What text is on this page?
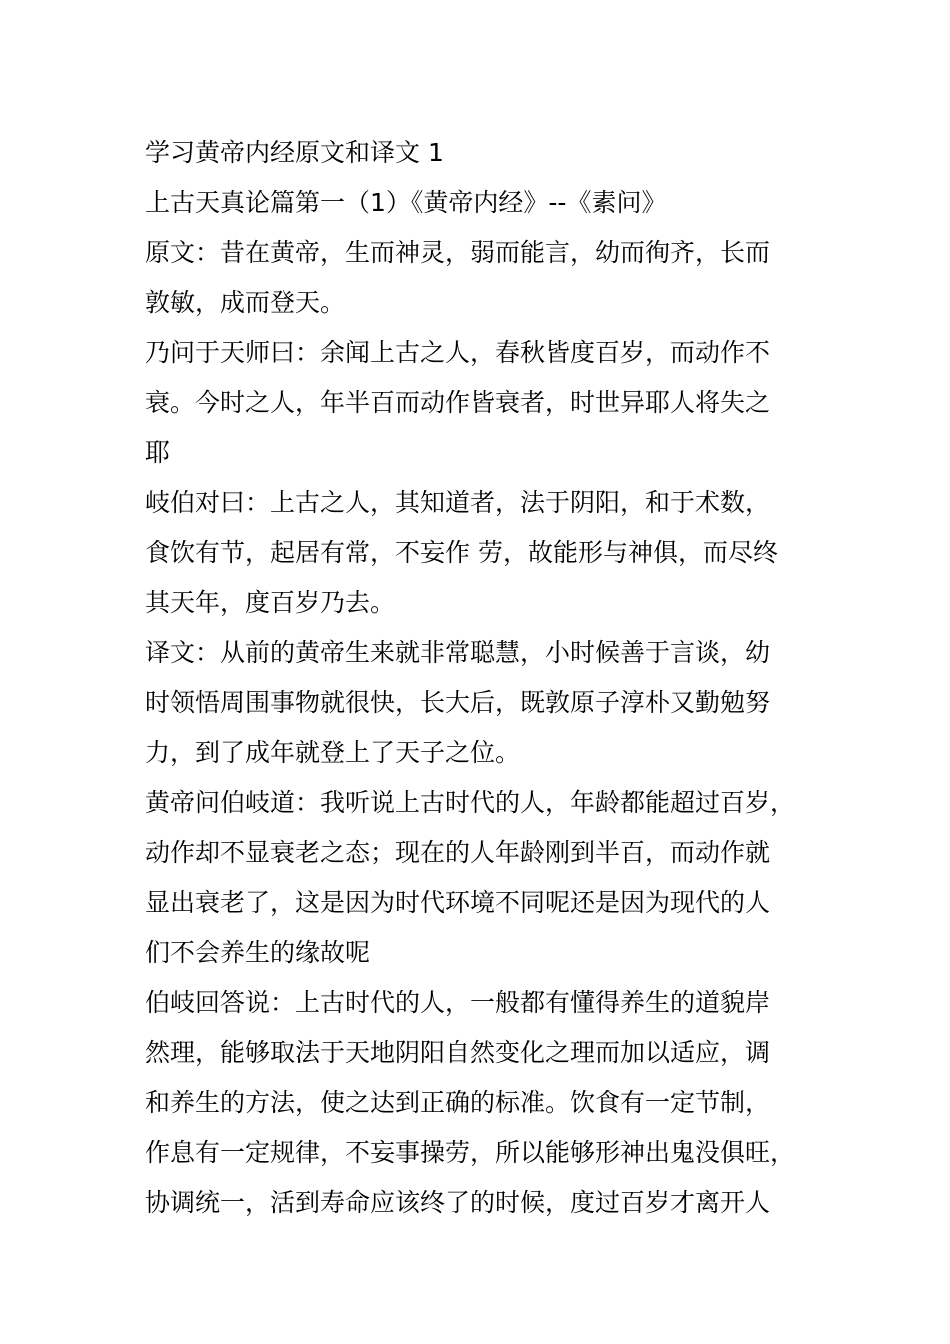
学习黄帝内经原文和译文 1
上古天真论篇第一（1）《黄帝内经》--《素问》
原文：昔在黄帝，生而神灵，弱而能言，幼而徇齐，长而
敦敏，成而登天。
乃问于天师曰：余闻上古之人，春秋皆度百岁，而动作不
衰。今时之人，年半百而动作皆衰者，时世异耶人将失之
耶
岐伯对曰：上古之人，其知道者，法于阴阳，和于术数，
食饮有节，起居有常，不妄作 劳，故能形与神俱，而尽终
其天年，度百岁乃去。
译文：从前的黄帝生来就非常聪慧，小时候善于言谈，幼
时领悟周围事物就很快，长大后，既敦原子淳朴又勤勉努
力，到了成年就登上了天子之位。
黄帝问伯岐道：我听说上古时代的人，年龄都能超过百岁，
动作却不显衰老之态；现在的人年龄刚到半百，而动作就
显出衰老了，这是因为时代环境不同呢还是因为现代的人
们不会养生的缘故呢
伯岐回答说：上古时代的人，一般都有懂得养生的道貌岸
然理，能够取法于天地阴阳自然变化之理而加以适应，调
和养生的方法，使之达到正确的标准。饮食有一定节制，
作息有一定规律，不妄事操劳，所以能够形神出鬼没俱旺，
协调统一，活到寿命应该终了的时候，度过百岁才离开人
